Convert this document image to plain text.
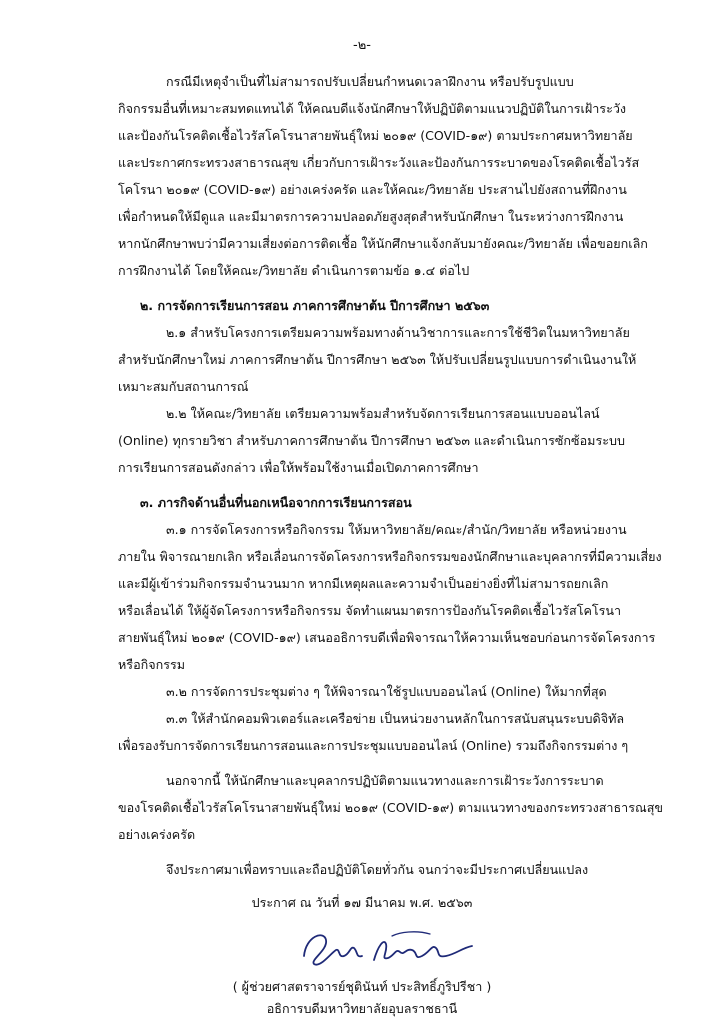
-๒-
กรณีมีเหตุจำเป็นที่ไม่สามารถปรับเปลี่ยนกำหนดเวลาฝึกงาน หรือปรับรูปแบบ
กิจกรรมอื่นที่เหมาะสมทดแทนได้ ให้คณบดีแจ้งนักศึกษาให้ปฏิบัติตามแนวปฏิบัติในการเฝ้าระวัง
และป้องกันโรคติดเชื้อไวรัสโคโรนาสายพันธุ์ใหม่ ๒๐๑๙ (COVID-๑๙) ตามประกาศมหาวิทยาลัย
และประกาศกระทรวงสาธารณสุข เกี่ยวกับการเฝ้าระวังและป้องกันการระบาดของโรคติดเชื้อไวรัส
โคโรนา ๒๐๑๙ (COVID-๑๙) อย่างเคร่งครัด และให้คณะ/วิทยาลัย ประสานไปยังสถานที่ฝึกงาน
เพื่อกำหนดให้มีดูแล และมีมาตรการความปลอดภัยสูงสุดสำหรับนักศึกษา ในระหว่างการฝึกงาน
หากนักศึกษาพบว่ามีความเสี่ยงต่อการติดเชื้อ ให้นักศึกษาแจ้งกลับมายังคณะ/วิทยาลัย เพื่อขอยกเลิก
การฝึกงานได้ โดยให้คณะ/วิทยาลัย ดำเนินการตามข้อ ๑.๔ ต่อไป
๒. การจัดการเรียนการสอน ภาคการศึกษาต้น ปีการศึกษา ๒๕๖๓
๒.๑ สำหรับโครงการเตรียมความพร้อมทางด้านวิชาการและการใช้ชีวิตในมหาวิทยาลัย
สำหรับนักศึกษาใหม่ ภาคการศึกษาต้น ปีการศึกษา ๒๕๖๓ ให้ปรับเปลี่ยนรูปแบบการดำเนินงานให้
เหมาะสมกับสถานการณ์
๒.๒ ให้คณะ/วิทยาลัย เตรียมความพร้อมสำหรับจัดการเรียนการสอนแบบออนไลน์
(Online) ทุกรายวิชา สำหรับภาคการศึกษาต้น ปีการศึกษา ๒๕๖๓ และดำเนินการซักซ้อมระบบ
การเรียนการสอนดังกล่าว เพื่อให้พร้อมใช้งานเมื่อเปิดภาคการศึกษา
๓. ภารกิจด้านอื่นที่นอกเหนือจากการเรียนการสอน
๓.๑ การจัดโครงการหรือกิจกรรม ให้มหาวิทยาลัย/คณะ/สำนัก/วิทยาลัย หรือหน่วยงาน
ภายใน พิจารณายกเลิก หรือเลื่อนการจัดโครงการหรือกิจกรรมของนักศึกษาและบุคลากรที่มีความเสี่ยง
และมีผู้เข้าร่วมกิจกรรมจำนวนมาก หากมีเหตุผลและความจำเป็นอย่างยิ่งที่ไม่สามารถยกเลิก
หรือเลื่อนได้ ให้ผู้จัดโครงการหรือกิจกรรม จัดทำแผนมาตรการป้องกันโรคติดเชื้อไวรัสโคโรนา
สายพันธุ์ใหม่ ๒๐๑๙ (COVID-๑๙) เสนออธิการบดีเพื่อพิจารณาให้ความเห็นชอบก่อนการจัดโครงการ
หรือกิจกรรม
๓.๒ การจัดการประชุมต่าง ๆ ให้พิจารณาใช้รูปแบบออนไลน์ (Online) ให้มากที่สุด
๓.๓ ให้สำนักคอมพิวเตอร์และเครือข่าย เป็นหน่วยงานหลักในการสนับสนุนระบบดิจิทัล
เพื่อรองรับการจัดการเรียนการสอนและการประชุมแบบออนไลน์ (Online) รวมถึงกิจกรรมต่าง ๆ
นอกจากนี้ ให้นักศึกษาและบุคลากรปฏิบัติตามแนวทางและการเฝ้าระวังการระบาด
ของโรคติดเชื้อไวรัสโคโรนาสายพันธุ์ใหม่ ๒๐๑๙ (COVID-๑๙) ตามแนวทางของกระทรวงสาธารณสุข
อย่างเคร่งครัด
จึงประกาศมาเพื่อทราบและถือปฏิบัติโดยทั่วกัน จนกว่าจะมีประกาศเปลี่ยนแปลง
ประกาศ ณ วันที่ ๑๗ มีนาคม พ.ศ. ๒๕๖๓
( ผู้ช่วยศาสตราจารย์ชุตินันท์ ประสิทธิ์ภูริปรีชา )
อธิการบดีมหาวิทยาลัยอุบลราชธานี
